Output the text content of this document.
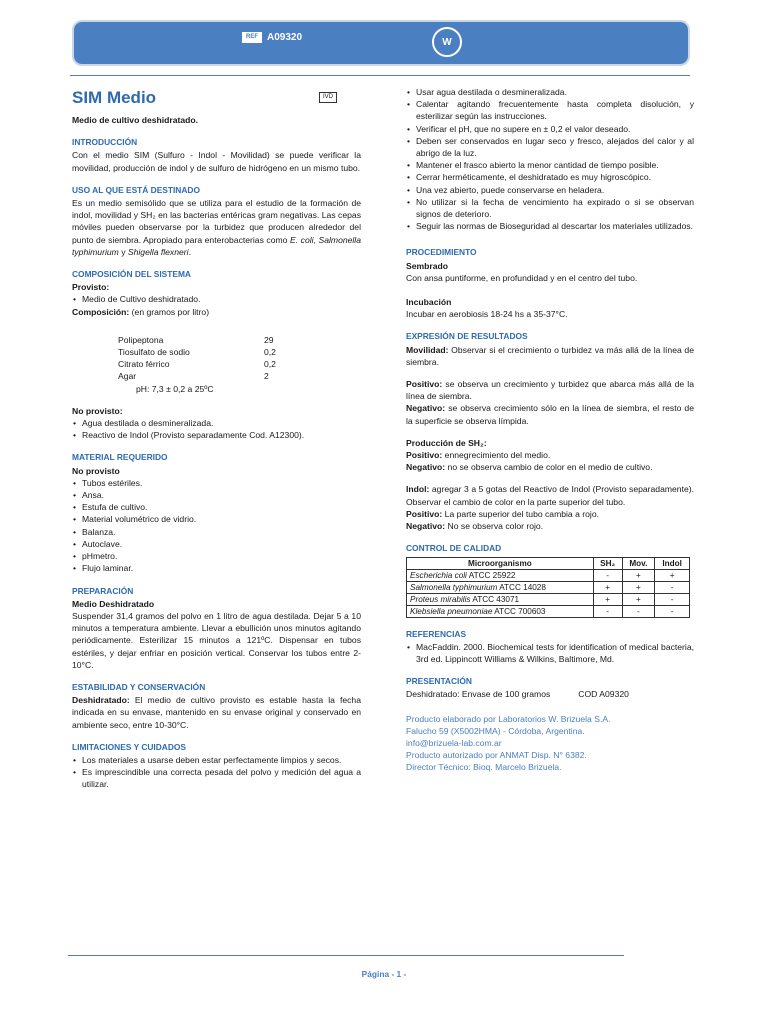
REF A09320	W
SIM Medio	IVD
Medio de cultivo deshidratado.
INTRODUCCIÓN

Con el medio SIM (Sulfuro - Indol - Movilidad) se puede verificar la movilidad, producción de indol y de sulfuro de hidrógeno en un mismo tubo.

USO AL QUE ESTÁ DESTINADO

Es un medio semisólido que se utiliza para el estudio de la formación de indol, movilidad y SH₂ en las bacterias entéricas gram negativas. Las cepas móviles pueden observarse por la turbidez que producen alrededor del punto de siembra. Apropiado para enterobacterias como E. coli, Salmonella typhimurium y Shigella flexneri.

COMPOSICIÓN DEL SISTEMA
Provisto:
• Medio de Cultivo deshidratado.
Composición: (en gramos por litro)
Polipeptona	29
Tiosulfato de sodio	0,2
Citrato férrico	0,2
Agar	2
pH: 7,3 ± 0,2 a 25ºC
No provisto:
• Agua destilada o desmineralizada.
• Reactivo de Indol (Provisto separadamente Cod. A12300).
MATERIAL REQUERIDO
No provisto
• Tubos estériles.
• Ansa.
• Estufa de cultivo.
• Material volumétrico de vidrio.
• Balanza.
• Autoclave.
• pHmetro.
• Flujo laminar.
PREPARACIÓN
Medio Deshidratado

Suspender 31,4 gramos del polvo en 1 litro de agua destilada. Dejar 5 a 10 minutos a temperatura ambiente. Llevar a ebullición unos minutos agitando periódicamente. Esterilizar 15 minutos a 121ºC. Dispensar en tubos estériles, y dejar enfriar en posición vertical. Conservar los tubos entre 2-10°C.

ESTABILIDAD Y CONSERVACIÓN

Deshidratado: El medio de cultivo provisto es estable hasta la fecha indicada en su envase, mantenido en su envase original y conservado en ambiente seco, entre 10-30°C.

LIMITACIONES Y CUIDADOS
• Los materiales a usarse deben estar perfectamente limpios y secos.
• Es imprescindible una correcta pesada del polvo y medición del agua a utilizar.
• Usar agua destilada o desmineralizada.
• Calentar agitando frecuentemente hasta completa disolución, y esterilizar según las instrucciones.
• Verificar el pH, que no supere en ± 0,2 el valor deseado.
• Deben ser conservados en lugar seco y fresco, alejados del calor y al abrigo de la luz.
• Mantener el frasco abierto la menor cantidad de tiempo posible.
• Cerrar herméticamente, el deshidratado es muy higroscópico.
• Una vez abierto, puede conservarse en heladera.
• No utilizar si la fecha de vencimiento ha expirado o si se observan signos de deterioro.
• Seguir las normas de Bioseguridad al descartar los materiales utilizados.
PROCEDIMIENTO
Sembrado

Con ansa puntiforme, en profundidad y en el centro del tubo.

Incubación

Incubar en aerobiosis 18-24 hs a 35-37°C.

EXPRESIÓN DE RESULTADOS

Movilidad: Observar si el crecimiento o turbidez va más allá de la línea de siembra.

Positivo: se observa un crecimiento y turbidez que abarca más allá de la línea de siembra.

Negativo: se observa crecimiento sólo en la línea de siembra, el resto de la superficie se observa límpida.

Producción de SH₂:

Positivo: ennegrecimiento del medio.

Negativo: no se observa cambio de color en el medio de cultivo.

Indol: agregar 3 a 5 gotas del Reactivo de Indol (Provisto separadamente). Observar el cambio de color en la parte superior del tubo.

Positivo: La parte superior del tubo cambia a rojo.

Negativo: No se observa color rojo.

CONTROL DE CALIDAD
Microorganismo	SH₂	Mov.	Indol
Escherichia coli ATCC 25922	-	+	+
Salmonella typhimurium ATCC 14028	+	+	-
Proteus mirabilis ATCC 43071	+	+	-
Klebsiella pneumoniae ATCC 700603	-	-	-
REFERENCIAS
• MacFaddin. 2000. Biochemical tests for identification of medical bacteria, 3rd ed. Lippincott Williams & Wilkins, Baltimore, Md.
PRESENTACIÓN

Deshidratado: Envase de 100 gramos	COD A09320

Producto elaborado por Laboratorios W. Brizuela S.A.
Falucho 59 (X5002HMA) - Córdoba, Argentina.
info@brizuela-lab.com.ar
Producto autorizado por ANMAT Disp. N° 6382.
Director Técnico: Bioq. Marcelo Brizuela.
Página - 1 -
